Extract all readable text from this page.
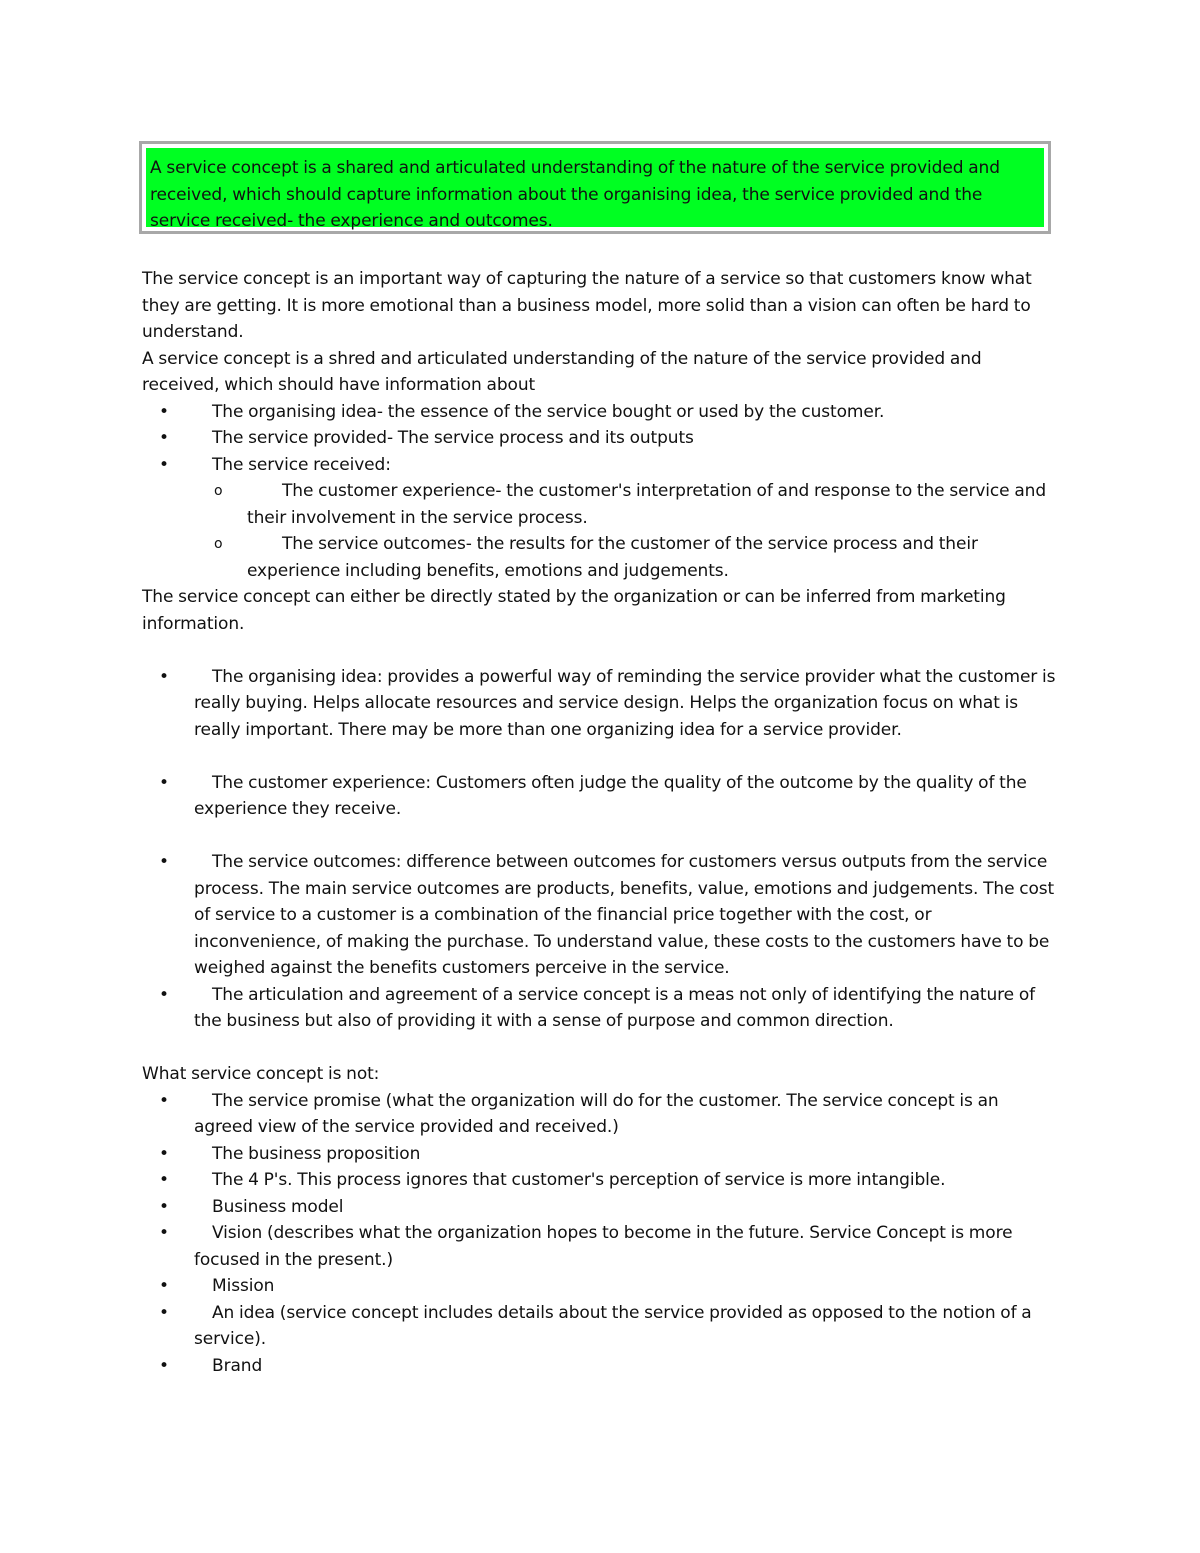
A service concept is a shared and articulated understanding of the nature of the service provided and received, which should capture information about the organising idea, the service provided and the service received- the experience and outcomes.

The service concept is an important way of capturing the nature of a service so that customers know what they are getting. It is more emotional than a business model, more solid than a vision can often be hard to understand.

A service concept is a shred and articulated understanding of the nature of the service provided and received, which should have information about

•	The organising idea- the essence of the service bought or used by the customer.
•	The service provided- The service process and its outputs
•	The service received:
o	The customer experience- the customer's interpretation of and response to the service and their involvement in the service process.
o	The service outcomes- the results for the customer of the service process and their experience including benefits, emotions and judgements.

The service concept can either be directly stated by the organization or can be inferred from marketing information.

•	The organising idea: provides a powerful way of reminding the service provider what the customer is really buying. Helps allocate resources and service design. Helps the organization focus on what is really important. There may be more than one organizing idea for a service provider.
•	The customer experience: Customers often judge the quality of the outcome by the quality of the experience they receive.
•	The service outcomes: difference between outcomes for customers versus outputs from the service process. The main service outcomes are products, benefits, value, emotions and judgements. The cost of service to a customer is a combination of the financial price together with the cost, or inconvenience, of making the purchase. To understand value, these costs to the customers have to be weighed against the benefits customers perceive in the service.
•	The articulation and agreement of a service concept is a meas not only of identifying the nature of the business but also of providing it with a sense of purpose and common direction.

What service concept is not:

•	The service promise (what the organization will do for the customer. The service concept is an agreed view of the service provided and received.)
•	The business proposition
•	The 4 P's. This process ignores that customer's perception of service is more intangible.
•	Business model
•	Vision (describes what the organization hopes to become in the future. Service Concept is more focused in the present.)
•	Mission
•	An idea (service concept includes details about the service provided as opposed to the notion of a service).
•	Brand
